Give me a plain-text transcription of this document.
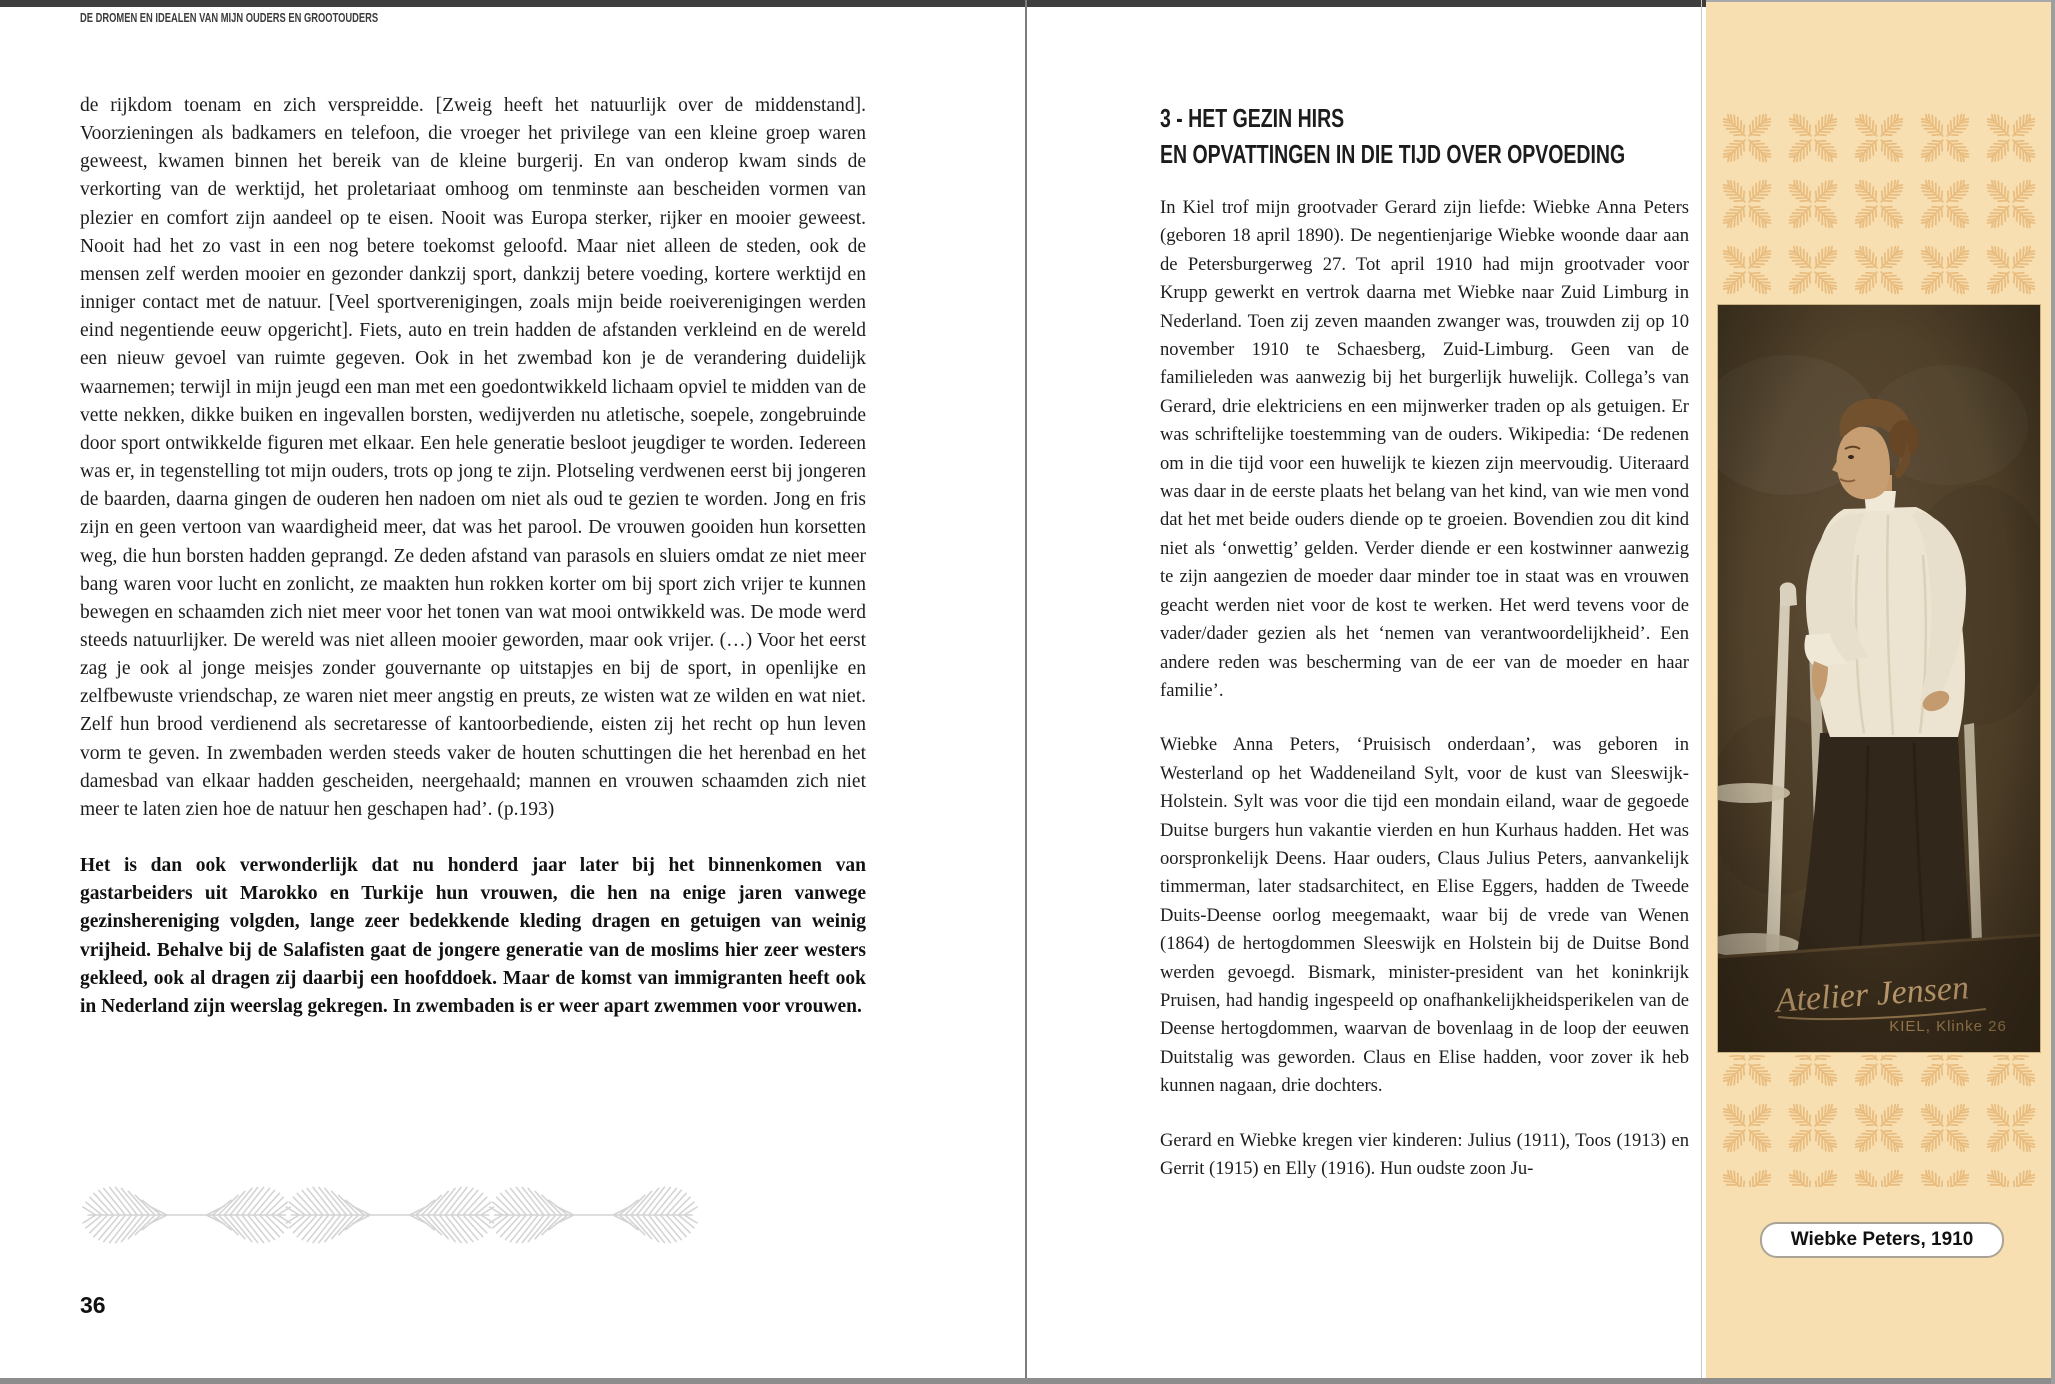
DE DROMEN EN IDEALEN VAN MIJN OUDERS EN GROOTOUDERS

de rijkdom toenam en zich verspreidde. [Zweig heeft het natuurlijk over de middenstand]. Voorzieningen als badkamers en telefoon, die vroeger het privilege van een kleine groep waren geweest, kwamen binnen het bereik van de kleine burgerij. En van onderop kwam sinds de verkorting van de werktijd, het proletariaat omhoog om tenminste aan bescheiden vormen van plezier en comfort zijn aandeel op te eisen. Nooit was Europa sterker, rijker en mooier geweest. Nooit had het zo vast in een nog betere toekomst geloofd. Maar niet alleen de steden, ook de mensen zelf werden mooier en gezonder dankzij sport, dankzij betere voeding, kortere werktijd en inniger contact met de natuur. [Veel sportverenigingen, zoals mijn beide roeiverenigingen werden eind negentiende eeuw opgericht]. Fiets, auto en trein hadden de afstanden verkleind en de wereld een nieuw gevoel van ruimte gegeven. Ook in het zwembad kon je de verandering duidelijk waarnemen; terwijl in mijn jeugd een man met een goedontwikkeld lichaam opviel te midden van de vette nekken, dikke buiken en ingevallen borsten, wedijverden nu atletische, soepele, zongebruinde door sport ontwikkelde figuren met elkaar. Een hele generatie besloot jeugdiger te worden. Iedereen was er, in tegenstelling tot mijn ouders, trots op jong te zijn. Plotseling verdwenen eerst bij jongeren de baarden, daarna gingen de ouderen hen nadoen om niet als oud te gezien te worden. Jong en fris zijn en geen vertoon van waardigheid meer, dat was het parool. De vrouwen gooiden hun korsetten weg, die hun borsten hadden geprangd. Ze deden afstand van parasols en sluiers omdat ze niet meer bang waren voor lucht en zonlicht, ze maakten hun rokken korter om bij sport zich vrijer te kunnen bewegen en schaamden zich niet meer voor het tonen van wat mooi ontwikkeld was. De mode werd steeds natuurlijker. De wereld was niet alleen mooier geworden, maar ook vrijer. (…) Voor het eerst zag je ook al jonge meisjes zonder gouvernante op uitstapjes en bij de sport, in openlijke en zelfbewuste vriendschap, ze waren niet meer angstig en preuts, ze wisten wat ze wilden en wat niet. Zelf hun brood verdienend als secretaresse of kantoorbediende, eisten zij het recht op hun leven vorm te geven. In zwembaden werden steeds vaker de houten schuttingen die het herenbad en het damesbad van elkaar hadden gescheiden, neergehaald; mannen en vrouwen schaamden zich niet meer te laten zien hoe de natuur hen geschapen had’. (p.193)

Het is dan ook verwonderlijk dat nu honderd jaar later bij het binnenkomen van gastarbeiders uit Marokko en Turkije hun vrouwen, die hen na enige jaren vanwege gezinshereniging volgden, lange zeer bedekkende kleding dragen en getuigen van weinig vrijheid. Behalve bij de Salafisten gaat de jongere generatie van de moslims hier zeer westers gekleed, ook al dragen zij daarbij een hoofddoek. Maar de komst van immigranten heeft ook in Nederland zijn weerslag gekregen. In zwembaden is er weer apart zwemmen voor vrouwen.

36
3 - HET GEZIN HIRS
EN OPVATTINGEN IN DIE TIJD OVER OPVOEDING

In Kiel trof mijn grootvader Gerard zijn liefde: Wiebke Anna Peters (geboren 18 april 1890). De negentienjarige Wiebke woonde daar aan de Petersburgerweg 27. Tot april 1910 had mijn grootvader voor Krupp gewerkt en vertrok daarna met Wiebke naar Zuid Limburg in Nederland. Toen zij zeven maanden zwanger was, trouwden zij op 10 november 1910 te Schaesberg, Zuid-Limburg. Geen van de familieleden was aanwezig bij het burgerlijk huwelijk. Collega’s van Gerard, drie elektriciens en een mijnwerker traden op als getuigen. Er was schriftelijke toestemming van de ouders. Wikipedia: ‘De redenen om in die tijd voor een huwelijk te kiezen zijn meervoudig. Uiteraard was daar in de eerste plaats het belang van het kind, van wie men vond dat het met beide ouders diende op te groeien. Bovendien zou dit kind niet als ‘onwettig’ gelden. Verder diende er een kostwinner aanwezig te zijn aangezien de moeder daar minder toe in staat was en vrouwen geacht werden niet voor de kost te werken. Het werd tevens voor de vader/dader gezien als het ‘nemen van verantwoordelijkheid’. Een andere reden was bescherming van de eer van de moeder en haar familie’.

Wiebke Anna Peters, ‘Pruisisch onderdaan’, was geboren in Westerland op het Waddeneiland Sylt, voor de kust van Sleeswijk-Holstein. Sylt was voor die tijd een mondain eiland, waar de gegoede Duitse burgers hun vakantie vierden en hun Kurhaus hadden. Het was oorspronkelijk Deens. Haar ouders, Claus Julius Peters, aanvankelijk timmerman, later stadsarchitect, en Elise Eggers, hadden de Tweede Duits-Deense oorlog meegemaakt, waar bij de vrede van Wenen (1864) de hertogdommen Sleeswijk en Holstein bij de Duitse Bond werden gevoegd. Bismark, minister-president van het koninkrijk Pruisen, had handig ingespeeld op onafhankelijkheidsperikelen van de Deense hertogdommen, waarvan de bovenlaag in de loop der eeuwen Duitstalig was geworden. Claus en Elise hadden, voor zover ik heb kunnen nagaan, drie dochters.

Gerard en Wiebke kregen vier kinderen: Julius (1911), Toos (1913) en Gerrit (1915) en Elly (1916). Hun oudste zoon Ju-

Wiebke Peters, 1910
